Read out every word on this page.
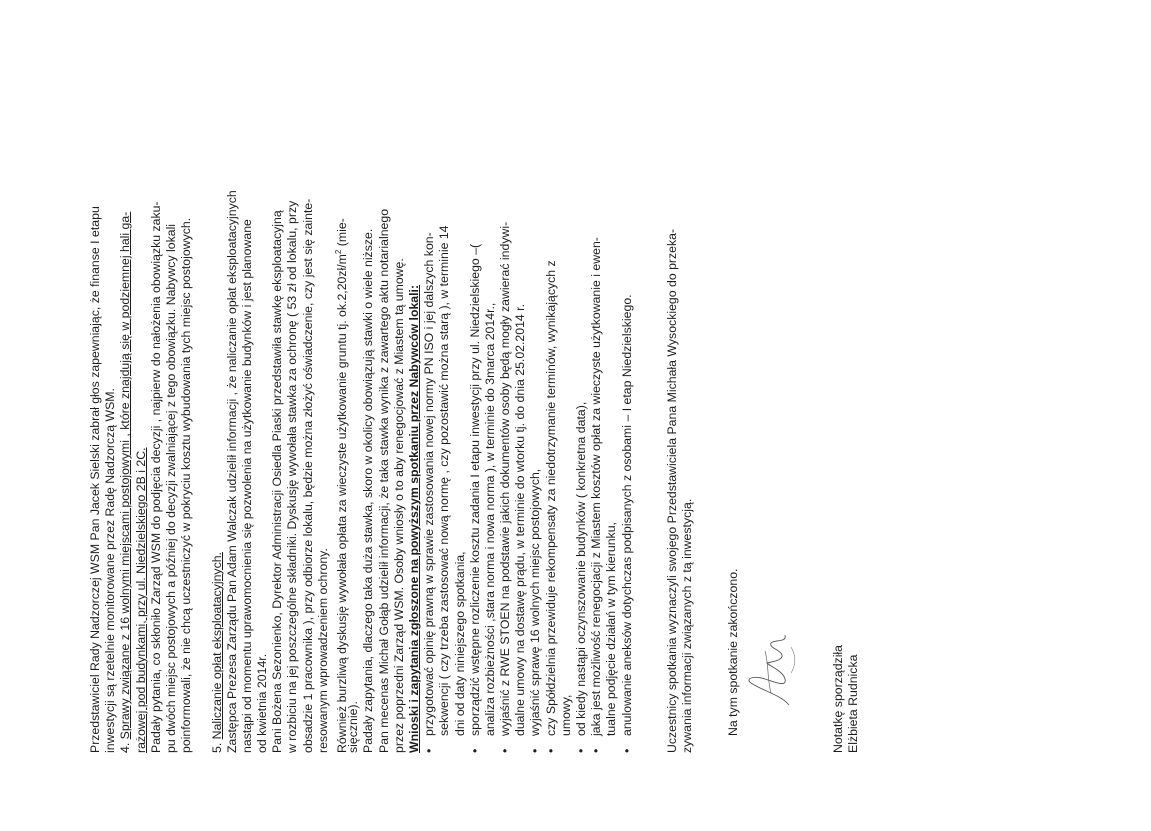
Przedstawiciel Rady Nadzorczej WSM Pan Jacek Sielski zabrał głos zapewniając, że finanse I etapu inwestycji są rzetelnie monitorowane przez Radę Nadzorczą WSM. 4. Sprawy związane z 16 wolnymi miejscami postojowymi , które znajdują się w podziemnej hali ga- rażowej pod budynkami, przy ul. Niedzielskiego 2B i 2C. Padały pytania, co skłoniło Zarząd WSM do podjęcia decyzji , najpierw do nałożenia obowiązku zaku- pu dwóch miejsc postojowych a później do decyzji zwalniającej z tego obowiązku. Nabywcy lokali poinformowali, że nie chcą uczestniczyć w pokryciu kosztu wybudowania tych miejsc postojowych. 5. Naliczanie opłat eksploatacyjnych. Zastępca Prezesa Zarządu Pan Adam Walczak udzielił informacji , że naliczanie opłat eksploatacyjnych nastąpi od momentu uprawomocnienia się pozwolenia na użytkowanie budynków i jest planowane od kwietnia 2014r. Pani Bożena Sezonienko, Dyrektor Administracji Osiedla Piaski przedstawiła stawkę eksploatacyjną w rozbiciu na jej poszczególne składniki. Dyskusję wywołała stawka za ochronę ( 53 zł od lokalu, przy obsadzie 1 pracownika ), przy odbiorze lokalu, będzie można złożyć oświadczenie, czy jest się zainte- resowanym wprowadzeniem ochrony. Również burzliwą dyskusję wywołała opłata za wieczyste użytkowanie gruntu tj. $ok.2,20zł/m^2$ (mie-
sięcznie). Padały zapytania, dlaczego taka duża stawka, skoro w okolicy obowiązują stawki o wiele niższe. Pan mecenas Michał Gołąb udzielił informacji, że taka stawka wynika z zawartego aktu notarialnego przez poprzedni Zarząd WSM. Osoby wniosły o to aby renegocjować z Miastem tą umowę. Wnioski i zapytania zgłoszone na powyższym spotkaniu przez Nabywców lokali: •
przygotować opinię prawną w sprawie zastosowania nowej normy PN ISO i jej dalszych kon- sekwencji ( czy trzeba zastosować nową normę , czy pozostawić można starą ), w terminie 14 dni od daty niniejszego spotkania,
•
sporządzić wstępne rozliczenie kosztu zadania I etapu inwestycji przy ul. Niedzielskiego –( analiza rozbieżności ,stara norma i nowa norma ), w terminie do 3marca 2014r.,
•
wyjaśnić z RWE STOEN na podstawie jakich dokumentów osoby będą mogły zawierać indywi- dualne umowy na dostawę prądu, w terminie do wtorku tj. do dnia 25.02.2014 r.
•
wyjaśnić sprawę 16 wolnych miejsc postojowych,
•
czy Spółdzielnia przewiduje rekompensaty za niedotrzymanie terminów, wynikających z umowy,
•
od kiedy nastąpi oczynszowanie budynków ( konkretna data),
•
jaka jest możliwość renegocjacji z Miastem kosztów opłat za wieczyste użytkowanie i ewen- tualne podjęcie działań w tym kierunku,
•
anulowanie aneksów dotychczas podpisanych z osobami – I etap Niedzielskiego.	Uczestnicy spotkania wyznaczyli swojego Przedstawiciela Pana Michała Wysockiego do przeka- zywania informacji związanych z tą inwestycją.	Na tym spotkanie zakończono.	Notatkę sporządziła Elżbieta Rudnicka
